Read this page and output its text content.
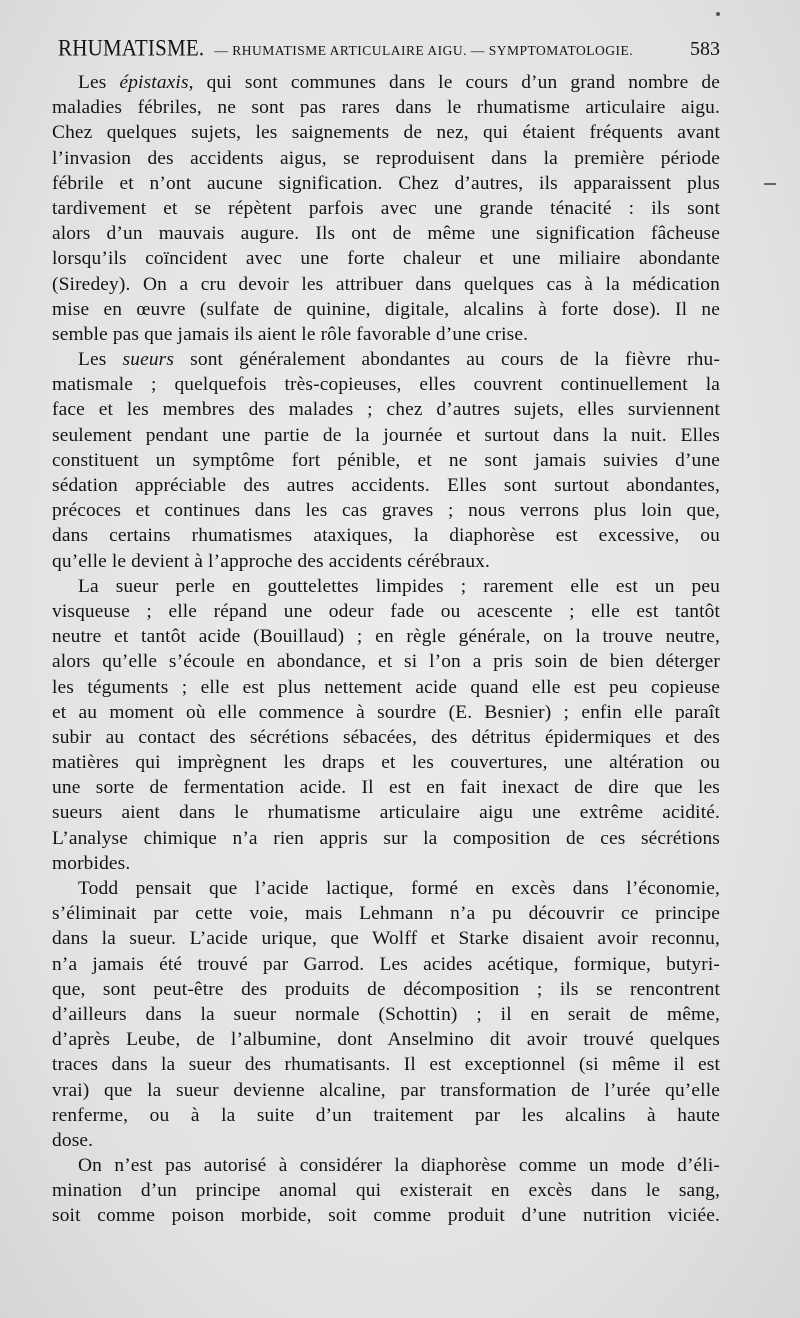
RHUMATISME. — RHUMATISME ARTICULAIRE AIGU. — SYMPTOMATOLOGIE.	583
Les épistaxis, qui sont communes dans le cours d’un grand nombre de
maladies fébriles, ne sont pas rares dans le rhumatisme articulaire aigu.
Chez quelques sujets, les saignements de nez, qui étaient fréquents avant
l’invasion des accidents aigus, se reproduisent dans la première période
fébrile et n’ont aucune signification. Chez d’autres, ils apparaissent plus
tardivement et se répètent parfois avec une grande ténacité : ils sont
alors d’un mauvais augure. Ils ont de même une signification fâcheuse
lorsqu’ils coïncident avec une forte chaleur et une miliaire abondante
(Siredey). On a cru devoir les attribuer dans quelques cas à la médication
mise en œuvre (sulfate de quinine, digitale, alcalins à forte dose). Il ne
semble pas que jamais ils aient le rôle favorable d’une crise.
Les sueurs sont généralement abondantes au cours de la fièvre rhu-
matismale ; quelquefois très-copieuses, elles couvrent continuellement la
face et les membres des malades ; chez d’autres sujets, elles surviennent
seulement pendant une partie de la journée et surtout dans la nuit. Elles
constituent un symptôme fort pénible, et ne sont jamais suivies d’une
sédation appréciable des autres accidents. Elles sont surtout abondantes,
précoces et continues dans les cas graves ; nous verrons plus loin que,
dans certains rhumatismes ataxiques, la diaphorèse est excessive, ou
qu’elle le devient à l’approche des accidents cérébraux.
La sueur perle en gouttelettes limpides ; rarement elle est un peu
visqueuse ; elle répand une odeur fade ou acescente ; elle est tantôt
neutre et tantôt acide (Bouillaud) ; en règle générale, on la trouve neutre,
alors qu’elle s’écoule en abondance, et si l’on a pris soin de bien déterger
les téguments ; elle est plus nettement acide quand elle est peu copieuse
et au moment où elle commence à sourdre (E. Besnier) ; enfin elle paraît
subir au contact des sécrétions sébacées, des détritus épidermiques et des
matières qui imprègnent les draps et les couvertures, une altération ou
une sorte de fermentation acide. Il est en fait inexact de dire que les
sueurs aient dans le rhumatisme articulaire aigu une extrême acidité.
L’analyse chimique n’a rien appris sur la composition de ces sécrétions
morbides.
Todd pensait que l’acide lactique, formé en excès dans l’économie,
s’éliminait par cette voie, mais Lehmann n’a pu découvrir ce principe
dans la sueur. L’acide urique, que Wolff et Starke disaient avoir reconnu,
n’a jamais été trouvé par Garrod. Les acides acétique, formique, butyri-
que, sont peut-être des produits de décomposition ; ils se rencontrent
d’ailleurs dans la sueur normale (Schottin) ; il en serait de même,
d’après Leube, de l’albumine, dont Anselmino dit avoir trouvé quelques
traces dans la sueur des rhumatisants. Il est exceptionnel (si même il est
vrai) que la sueur devienne alcaline, par transformation de l’urée qu’elle
renferme, ou à la suite d’un traitement par les alcalins à haute
dose.
On n’est pas autorisé à considérer la diaphorèse comme un mode d’éli-
mination d’un principe anomal qui existerait en excès dans le sang,
soit comme poison morbide, soit comme produit d’une nutrition viciée.
